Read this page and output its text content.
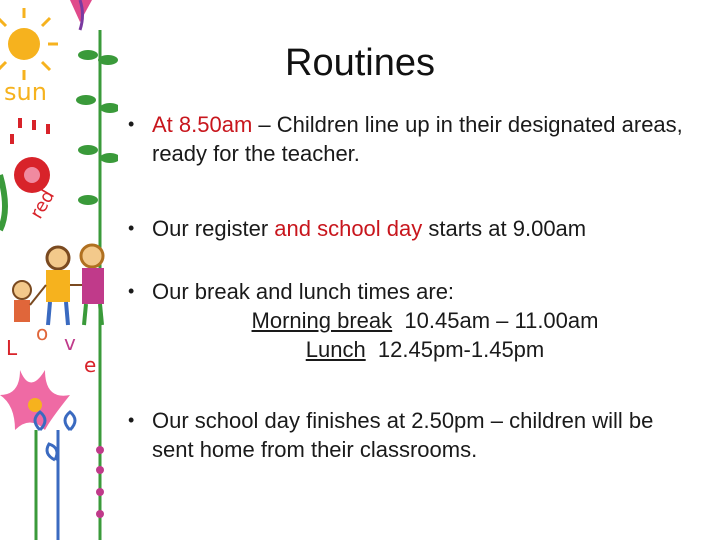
sun
red
L
o v
e
Routines
• At 8.50am – Children line up in their designated areas, ready for the teacher.
• Our register and school day starts at 9.00am
• Our break and lunch times are:
Morning break 10.45am – 11.00am
Lunch 12.45pm-1.45pm
• Our school day finishes at 2.50pm – children will be sent home from their classrooms.
